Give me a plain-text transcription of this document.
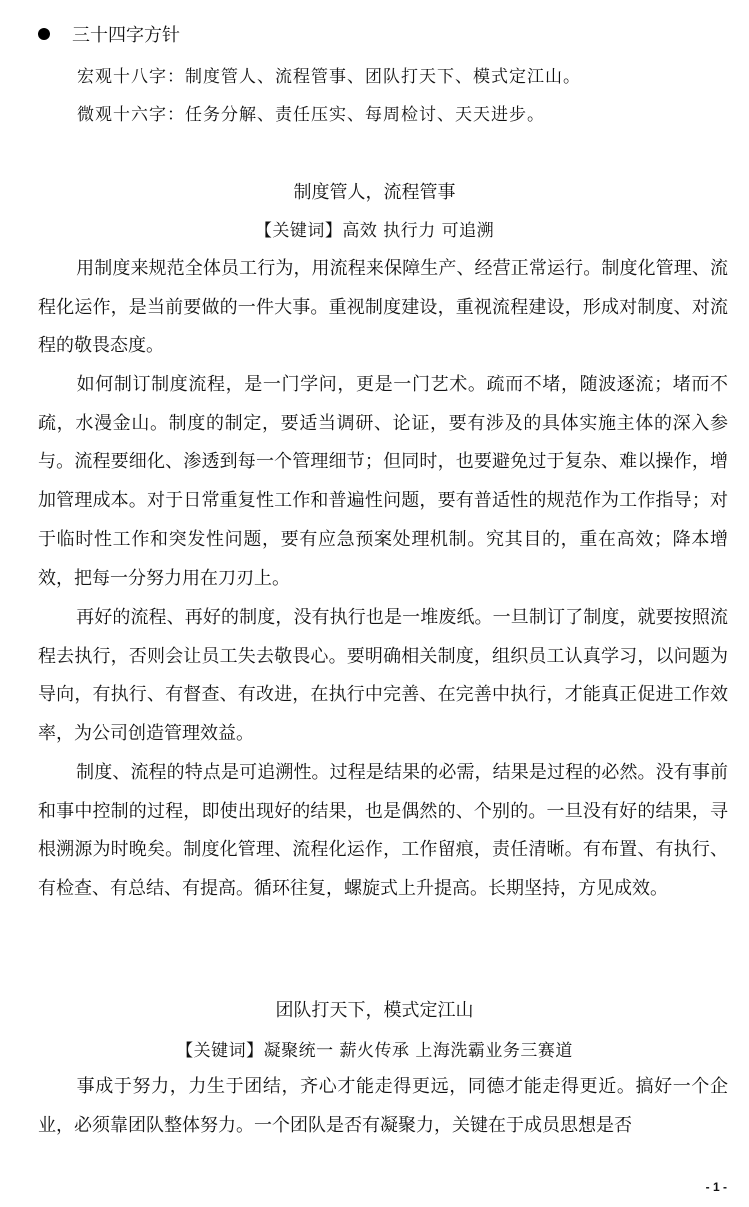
三十四字方针
宏观十八字：制度管人、流程管事、团队打天下、模式定江山。
微观十六字：任务分解、责任压实、每周检讨、天天进步。
制度管人，流程管事
【关键词】高效 执行力 可追溯

用制度来规范全体员工行为，用流程来保障生产、经营正常运行。制度化管理、流程化运作，是当前要做的一件大事。重视制度建设，重视流程建设，形成对制度、对流程的敬畏态度。

如何制订制度流程，是一门学问，更是一门艺术。疏而不堵，随波逐流；堵而不疏，水漫金山。制度的制定，要适当调研、论证，要有涉及的具体实施主体的深入参与。流程要细化、渗透到每一个管理细节；但同时，也要避免过于复杂、难以操作，增加管理成本。对于日常重复性工作和普遍性问题，要有普适性的规范作为工作指导；对于临时性工作和突发性问题，要有应急预案处理机制。究其目的，重在高效；降本增效，把每一分努力用在刀刃上。

再好的流程、再好的制度，没有执行也是一堆废纸。一旦制订了制度，就要按照流程去执行，否则会让员工失去敬畏心。要明确相关制度，组织员工认真学习，以问题为导向，有执行、有督查、有改进，在执行中完善、在完善中执行，才能真正促进工作效率，为公司创造管理效益。

制度、流程的特点是可追溯性。过程是结果的必需，结果是过程的必然。没有事前和事中控制的过程，即使出现好的结果，也是偶然的、个别的。一旦没有好的结果，寻根溯源为时晚矣。制度化管理、流程化运作，工作留痕，责任清晰。有布置、有执行、有检查、有总结、有提高。循环往复，螺旋式上升提高。长期坚持，方见成效。

团队打天下，模式定江山
【关键词】凝聚统一 薪火传承 上海洗霸业务三赛道

事成于努力，力生于团结，齐心才能走得更远，同德才能走得更近。搞好一个企业，必须靠团队整体努力。一个团队是否有凝聚力，关键在于成员思想是否

- 1 -
